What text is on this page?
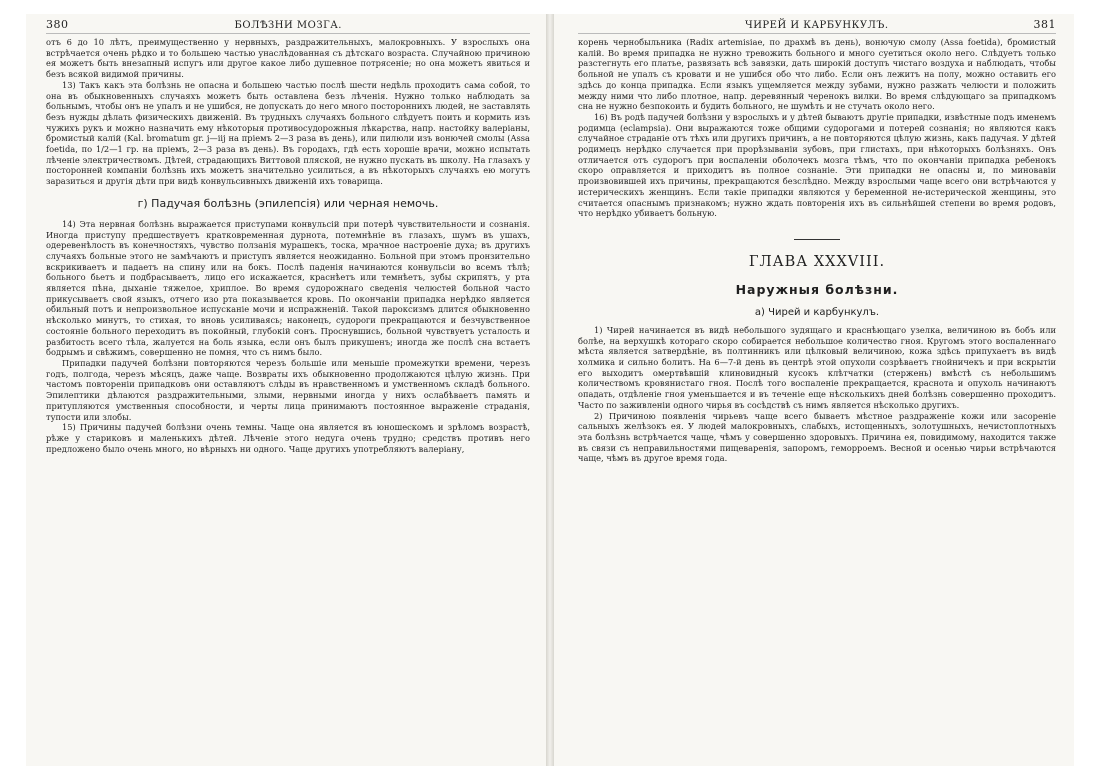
380	БОЛѢЗНИ МОЗГА.

отъ 6 до 10 лѣтъ, преимущественно у нервныхъ, раздражительныхъ, малокровныхъ. У взрослыхъ она встрѣчается очень рѣдко и то большею частью унаслѣдованная съ дѣтскаго возраста. Случайною причиною ея можетъ быть внезапный испугъ или другое какое либо душевное потрясеніе; но она можетъ явиться и безъ всякой видимой причины.

13) Такъ какъ эта болѣзнь не опасна и большею частью послѣ шести недѣль проходитъ сама собой, то она въ обыкновенныхъ случаяхъ можетъ быть оставлена безъ лѣченія. Нужно только наблюдать за больнымъ, чтобы онъ не упалъ и не ушибся, не допускать до него много постороннихъ людей, не заставлять безъ нужды дѣлать физическихъ движеній. Въ трудныхъ случаяхъ больного слѣдуетъ поить и кормить изъ чужихъ рукъ и можно назначить ему нѣкоторыя противосудорожныя лѣкарства, напр. настойку валеріаны, бромистый калій (Kal. bromatum gr. j—iij на пріемъ 2—3 раза въ день), или пилюли изъ вонючей смолы (Assa foetida, по 1/2—1 гр. на пріемъ, 2—3 раза въ день). Въ городахъ, гдѣ есть хорошіе врачи, можно испытать лѣченіе электричествомъ. Дѣтей, страдающихъ Виттовой пляской, не нужно пускать въ школу. На глазахъ у посторонней компаніи болѣзнь ихъ можетъ значительно усилиться, а въ нѣкоторыхъ случаяхъ ею могутъ заразиться и другія дѣти при видѣ конвульсивныхъ движеній ихъ товарища.

г) Падучая болѣзнь (эпилепсія) или черная немочь.

14) Эта нервная болѣзнь выражается приступами конвульсій при потерѣ чувствительности и сознанія. Иногда приступу предшествуетъ кратковременная дурнота, потемнѣніе въ глазахъ, шумъ въ ушахъ, одеревенѣлость въ конечностяхъ, чувство ползанія мурашекъ, тоска, мрачное настроеніе духа; въ другихъ случаяхъ больные этого не замѣчаютъ и приступъ является неожиданно. Больной при этомъ пронзительно вскрикиваетъ и падаетъ на спину или на бокъ. Послѣ паденія начинаются конвульсіи во всемъ тѣлѣ; больного бьетъ и подбрасываетъ, лицо его искажается, краснѣетъ или темнѣетъ, зубы скрипятъ, у рта является пѣна, дыханіе тяжелое, хриплое. Во время судорожнаго сведенія челюстей больной часто прикусываетъ свой языкъ, отчего изо рта показывается кровь. По окончаніи припадка нерѣдко является обильный потъ и непроизвольное испусканіе мочи и испражненій. Такой пароксизмъ длится обыкновенно нѣсколько минутъ, то стихая, то вновь усиливаясь; наконецъ, судороги прекращаются и безчувственное состояніе больного переходитъ въ покойный, глубокій сонъ. Проснувшись, больной чувствуетъ усталость и разбитость всего тѣла, жалуется на боль языка, если онъ былъ прикушенъ; иногда же послѣ сна встаетъ бодрымъ и свѣжимъ, совершенно не помня, что съ нимъ было.

Припадки падучей болѣзни повторяются черезъ большіе или меньшіе промежутки времени, черезъ годъ, полгода, черезъ мѣсяцъ, даже чаще. Возвраты ихъ обыкновенно продолжаются цѣлую жизнь. При частомъ повтореніи припадковъ они оставляютъ слѣды въ нравственномъ и умственномъ складѣ больного. Эпилептики дѣлаются раздражительными, злыми, нервными иногда у нихъ ослабѣваетъ память и притупляются умственныя способности, и черты лица принимаютъ постоянное выраженіе страданія, тупости или злобы.

15) Причины падучей болѣзни очень темны. Чаще она является въ юношескомъ и зрѣломъ возрастѣ, рѣже у стариковъ и маленькихъ дѣтей. Лѣченіе этого недуга очень трудно; средствъ противъ него предложено было очень много, но вѣрныхъ ни одного. Чаще другихъ употребляютъ валеріану,

ЧИРЕЙ И КАРБУНКУЛЪ.	381

корень чернобыльника (Radix artemisiae, по драхмѣ въ день), вонючую смолу (Assa foetida), бромистый калій. Во время припадка не нужно тревожить больного и много суетиться около него. Слѣдуетъ только разстегнуть его платье, развязать всѣ завязки, дать широкій доступъ чистаго воздуха и наблюдать, чтобы больной не упалъ съ кровати и не ушибся обо что либо. Если онъ лежитъ на полу, можно оставить его здѣсь до конца припадка. Если языкъ ущемляется между зубами, нужно разжать челюсти и положить между ними что либо плотное, напр. деревянный черенокъ вилки. Во время слѣдующаго за припадкомъ сна не нужно безпокоить и будить больного, не шумѣть и не стучать около него.

16) Въ родѣ падучей болѣзни у взрослыхъ и у дѣтей бываютъ другіе припадки, извѣстные подъ именемъ родимца (eclampsia). Они выражаются тоже общими судорогами и потерей сознанія; но являются какъ случайное страданіе отъ тѣхъ или другихъ причинъ, а не повторяются цѣлую жизнь, какъ падучая. У дѣтей родимецъ нерѣдко случается при прорѣзываніи зубовъ, при глистахъ, при нѣкоторыхъ болѣзняхъ. Онъ отличается отъ судорогъ при воспаленіи оболочекъ мозга тѣмъ, что по окончаніи припадка ребенокъ скоро оправляется и приходитъ въ полное сознаніе. Эти припадки не опасны и, по миновавіи произвовившей ихъ причины, прекращаются безслѣдно. Между взрослыми чаще всего они встрѣчаются у истерическихъ женщинъ. Если такіе припадки являются у беременной не-истерической женщины, это считается опаснымъ признакомъ; нужно ждать повторенія ихъ въ сильнѣйшей степени во время родовъ, что нерѣдко убиваетъ больную.

ГЛАВА XXXVIII.
Наружныя болѣзни.
а) Чирей и карбункулъ.

1) Чирей начинается въ видѣ небольшого зудящаго и краснѣющаго узелка, величиною въ бобъ или болѣе, на верхушкѣ котораго скоро собирается небольшое количество гноя. Кругомъ этого воспаленнаго мѣста является затвердѣніе, въ полтинникъ или цѣлковый величиною, кожа здѣсь припухаетъ въ видѣ холмика и сильно болитъ. На 6—7-й день въ центрѣ этой опухоли созрѣваетъ гнойничекъ и при вскрытіи его выходитъ омертвѣвшій клиновидный кусокъ клѣтчатки (стержень) вмѣстѣ съ небольшимъ количествомъ кровянистаго гноя. Послѣ того воспаленіе прекращается, краснота и опухоль начинаютъ опадать, отдѣленіе гноя уменьшается и въ теченіе еще нѣсколькихъ дней болѣзнь совершенно проходитъ. Часто по заживленіи одного чирья въ сосѣдствѣ съ нимъ является нѣсколько другихъ.

2) Причиною появленія чирьевъ чаще всего бываетъ мѣстное раздраженіе кожи или засореніе сальныхъ желѣзокъ ея. У людей малокровныхъ, слабыхъ, истощенныхъ, золотушныхъ, нечистоплотныхъ эта болѣзнь встрѣчается чаще, чѣмъ у совершенно здоровыхъ. Причина ея, повидимому, находится также въ связи съ неправильностями пищеваренія, запоромъ, геморроемъ. Весной и осенью чирьи встрѣчаются чаще, чѣмъ въ другое время года.
